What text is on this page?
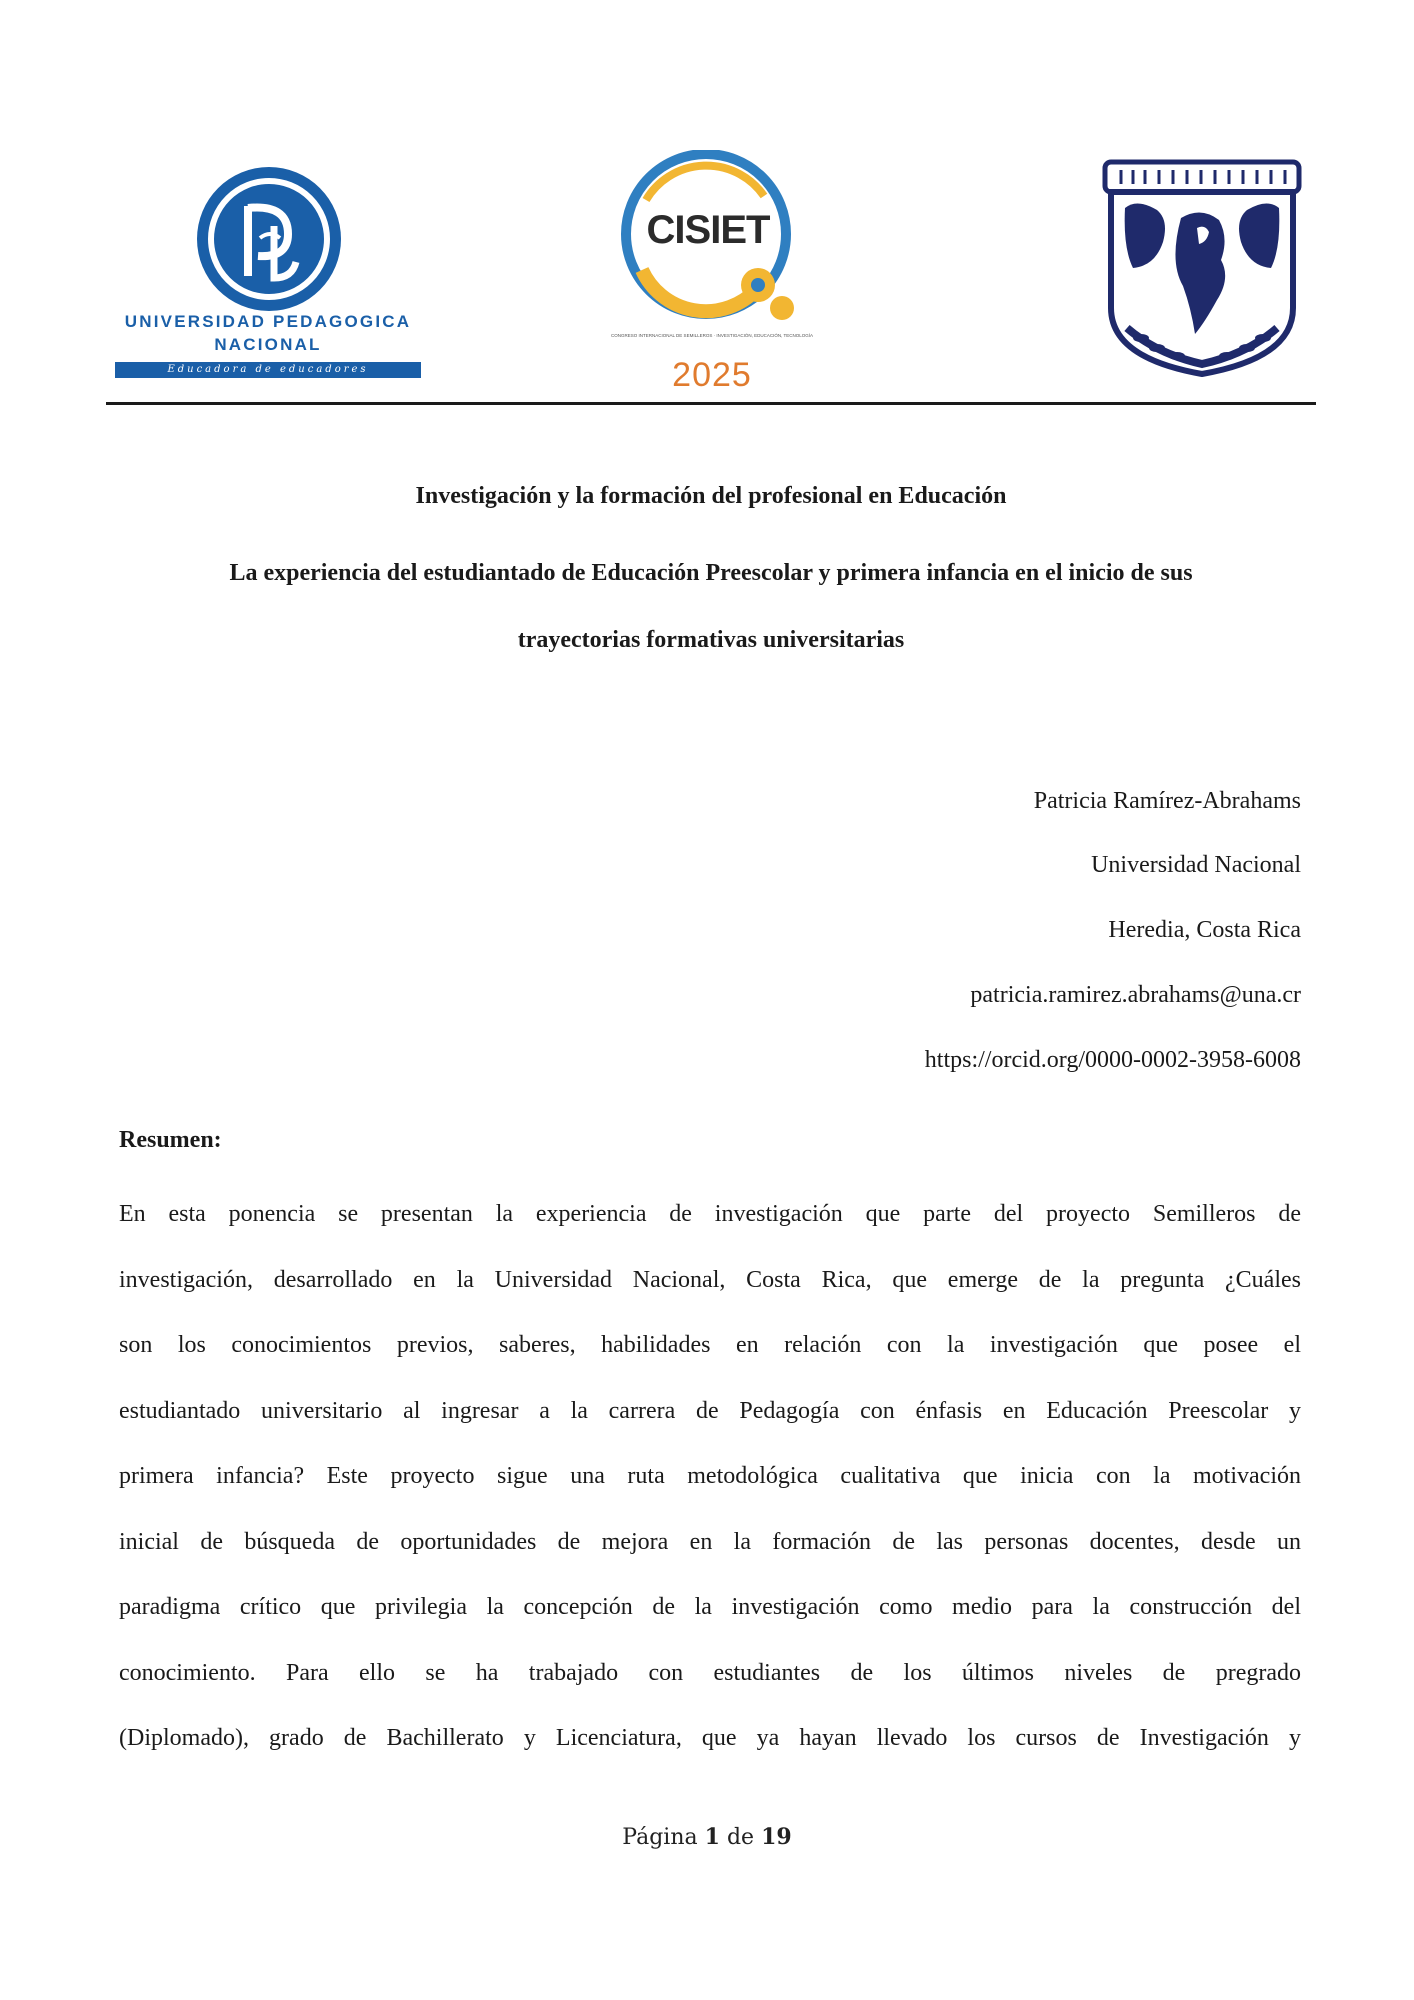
UNIVERSIDAD PEDAGOGICA
NACIONAL
Educadora de educadores
CISIET
CONGRESO INTERNACIONAL DE SEMILLEROS · INVESTIGACIÓN, EDUCACIÓN, TECNOLOGÍA
2025
Investigación y la formación del profesional en Educación
La experiencia del estudiantado de Educación Preescolar y primera infancia en el inicio de sus
trayectorias formativas universitarias
Patricia Ramírez-Abrahams
Universidad Nacional
Heredia, Costa Rica
patricia.ramirez.abrahams@una.cr
https://orcid.org/0000-0002-3958-6008
Resumen:
En esta ponencia se presentan la experiencia de investigación que parte del proyecto Semilleros de
investigación, desarrollado en la Universidad Nacional, Costa Rica, que emerge de la pregunta ¿Cuáles
son los conocimientos previos, saberes, habilidades en relación con la investigación que posee el
estudiantado universitario al ingresar a la carrera de Pedagogía con énfasis en Educación Preescolar y
primera infancia? Este proyecto sigue una ruta metodológica cualitativa que inicia con la motivación
inicial de búsqueda de oportunidades de mejora en la formación de las personas docentes, desde un
paradigma crítico que privilegia la concepción de la investigación como medio para la construcción del
conocimiento. Para ello se ha trabajado con estudiantes de los últimos niveles de pregrado
(Diplomado), grado de Bachillerato y Licenciatura, que ya hayan llevado los cursos de Investigación y
Página 1 de 19
